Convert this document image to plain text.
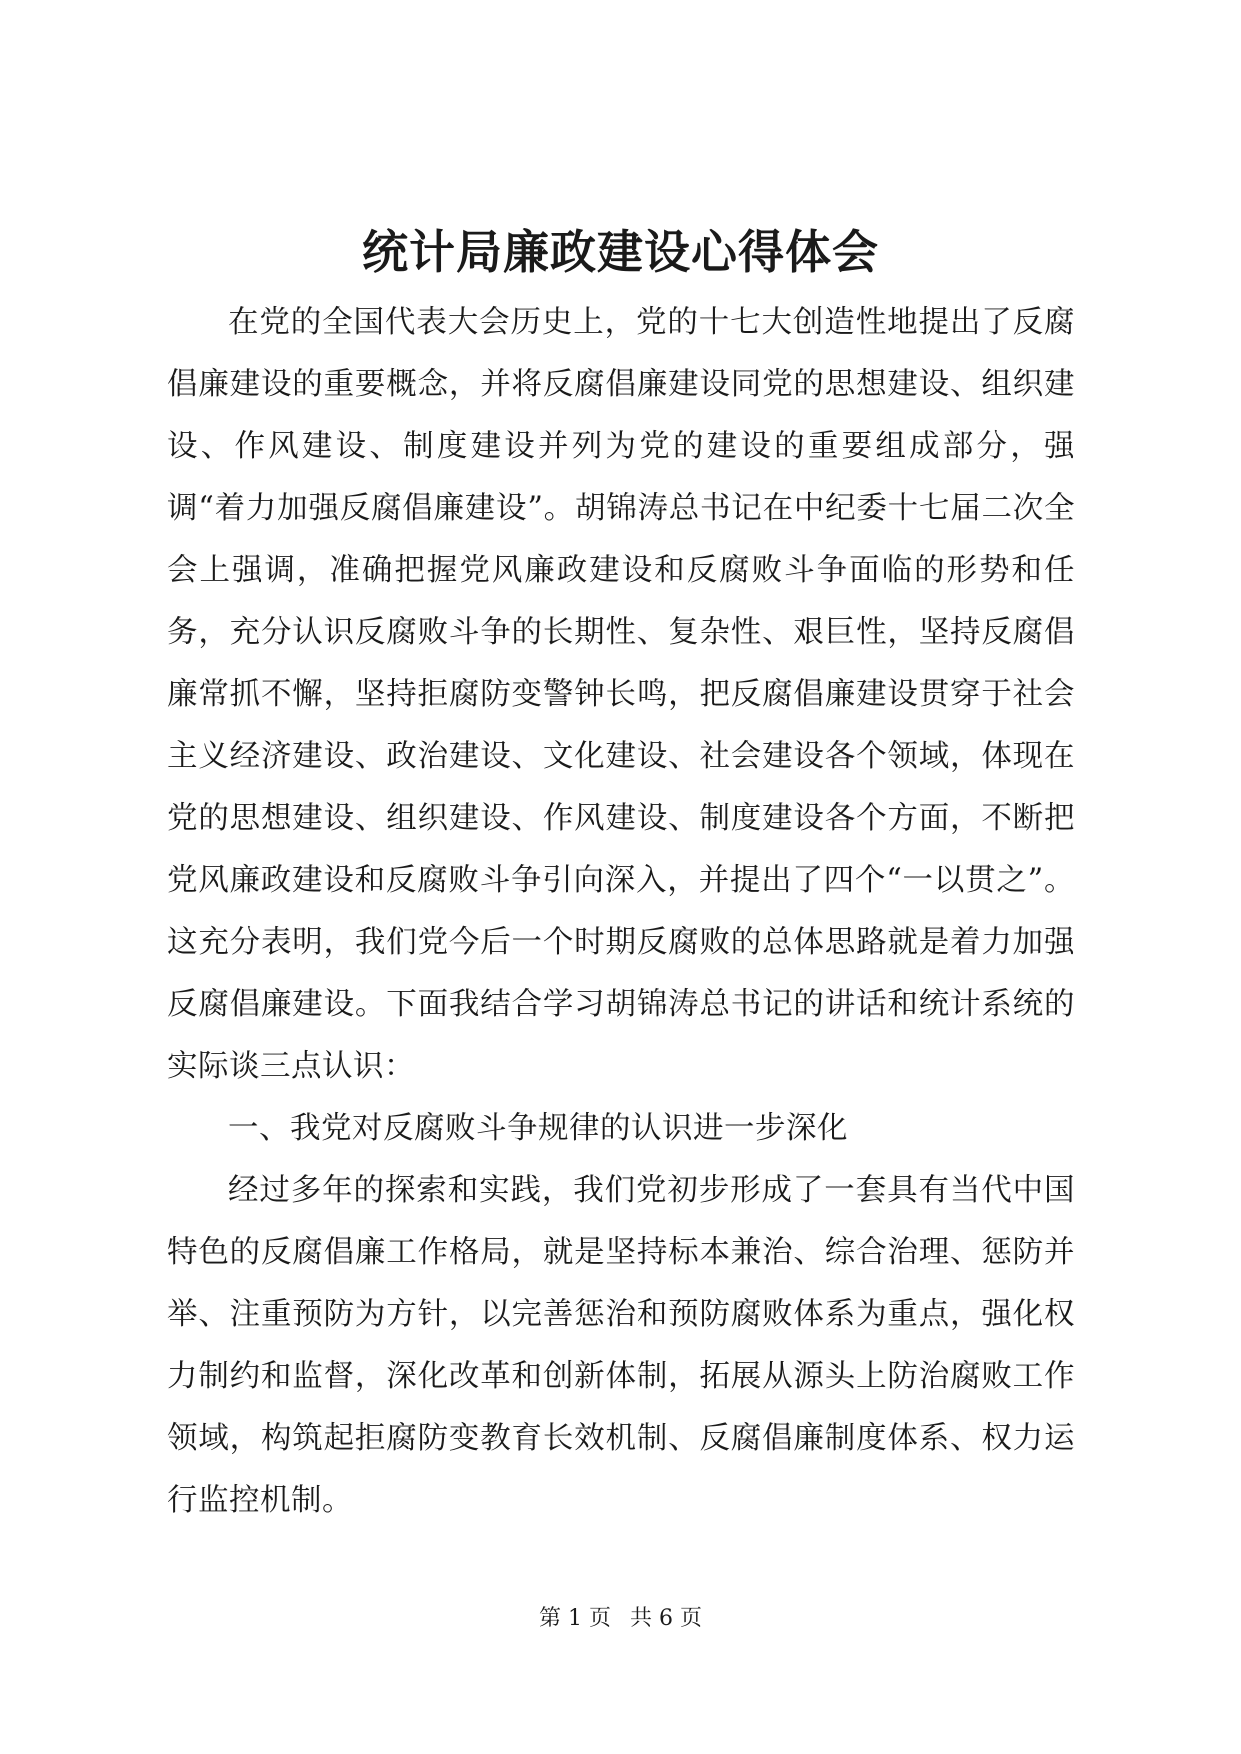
统计局廉政建设心得体会

在党的全国代表大会历史上，党的十七大创造性地提出了反腐倡廉建设的重要概念，并将反腐倡廉建设同党的思想建设、组织建设、作风建设、制度建设并列为党的建设的重要组成部分，强调“着力加强反腐倡廉建设”。胡锦涛总书记在中纪委十七届二次全会上强调，准确把握党风廉政建设和反腐败斗争面临的形势和任务，充分认识反腐败斗争的长期性、复杂性、艰巨性，坚持反腐倡廉常抓不懈，坚持拒腐防变警钟长鸣，把反腐倡廉建设贯穿于社会主义经济建设、政治建设、文化建设、社会建设各个领域，体现在党的思想建设、组织建设、作风建设、制度建设各个方面，不断把党风廉政建设和反腐败斗争引向深入，并提出了四个“一以贯之”。这充分表明，我们党今后一个时期反腐败的总体思路就是着力加强反腐倡廉建设。下面我结合学习胡锦涛总书记的讲话和统计系统的实际谈三点认识：

一、我党对反腐败斗争规律的认识进一步深化

经过多年的探索和实践，我们党初步形成了一套具有当代中国特色的反腐倡廉工作格局，就是坚持标本兼治、综合治理、惩防并举、注重预防为方针，以完善惩治和预防腐败体系为重点，强化权力制约和监督，深化改革和创新体制，拓展从源头上防治腐败工作领域，构筑起拒腐防变教育长效机制、反腐倡廉制度体系、权力运行监控机制。

第 1 页 共 6 页
